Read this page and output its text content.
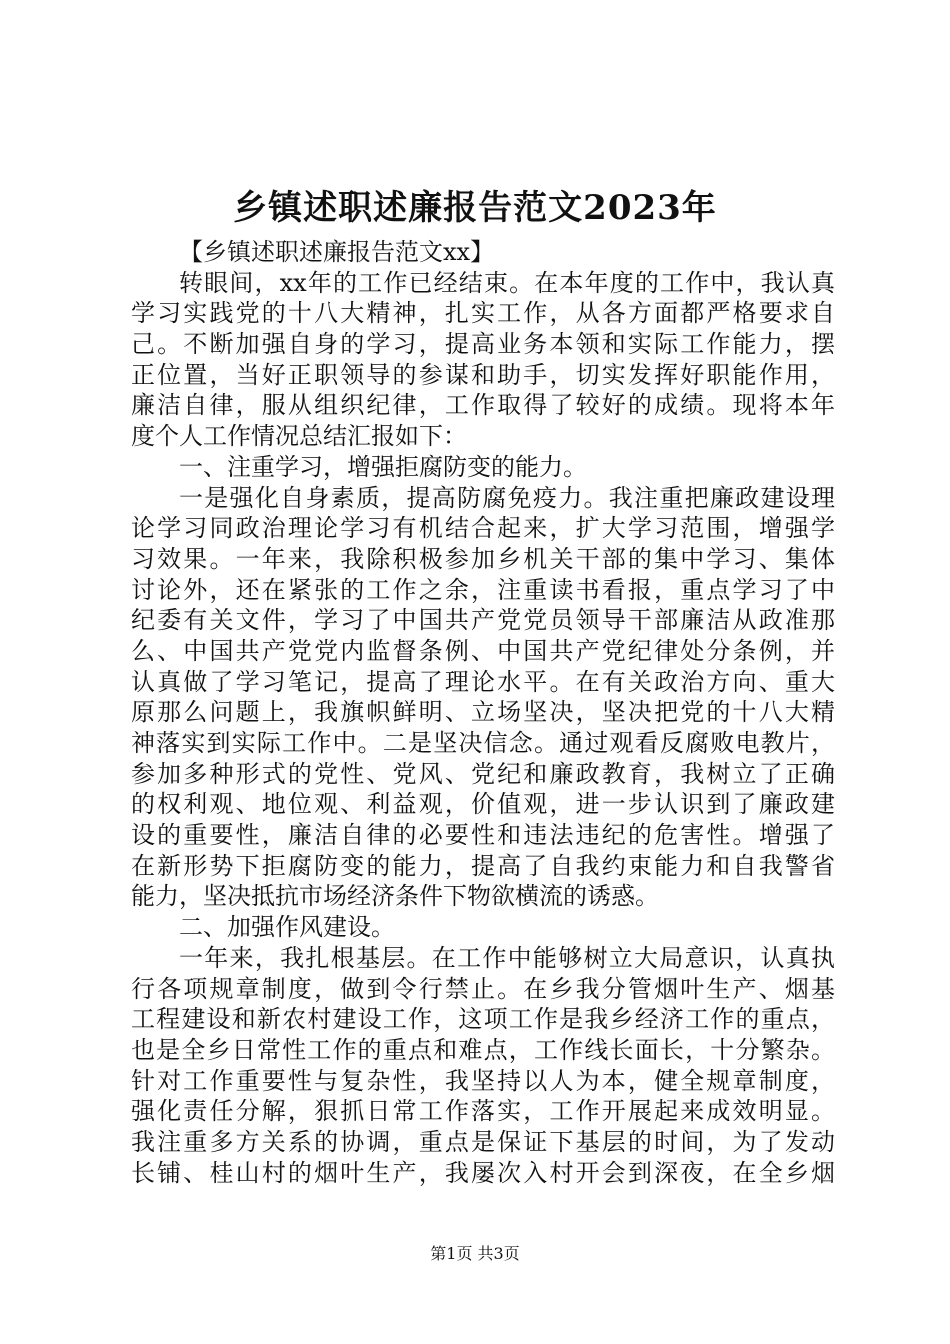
乡镇述职述廉报告范文2023年
【乡镇述职述廉报告范文xx】
转眼间，xx年的工作已经结束。在本年度的工作中，我认真
学习实践党的十八大精神，扎实工作，从各方面都严格要求自
己。不断加强自身的学习，提高业务本领和实际工作能力，摆
正位置，当好正职领导的参谋和助手，切实发挥好职能作用，
廉洁自律，服从组织纪律，工作取得了较好的成绩。现将本年
度个人工作情况总结汇报如下：
一、注重学习，增强拒腐防变的能力。
一是强化自身素质，提高防腐免疫力。我注重把廉政建设理
论学习同政治理论学习有机结合起来，扩大学习范围，增强学
习效果。一年来，我除积极参加乡机关干部的集中学习、集体
讨论外，还在紧张的工作之余，注重读书看报，重点学习了中
纪委有关文件，学习了中国共产党党员领导干部廉洁从政准那
么、中国共产党党内监督条例、中国共产党纪律处分条例，并
认真做了学习笔记，提高了理论水平。在有关政治方向、重大
原那么问题上，我旗帜鲜明、立场坚决，坚决把党的十八大精
神落实到实际工作中。二是坚决信念。通过观看反腐败电教片，
参加多种形式的党性、党风、党纪和廉政教育，我树立了正确
的权利观、地位观、利益观，价值观，进一步认识到了廉政建
设的重要性，廉洁自律的必要性和违法违纪的危害性。增强了
在新形势下拒腐防变的能力，提高了自我约束能力和自我警省
能力，坚决抵抗市场经济条件下物欲横流的诱惑。
二、加强作风建设。
一年来，我扎根基层。在工作中能够树立大局意识，认真执
行各项规章制度，做到令行禁止。在乡我分管烟叶生产、烟基
工程建设和新农村建设工作，这项工作是我乡经济工作的重点，
也是全乡日常性工作的重点和难点，工作线长面长，十分繁杂。
针对工作重要性与复杂性，我坚持以人为本，健全规章制度，
强化责任分解，狠抓日常工作落实，工作开展起来成效明显。
我注重多方关系的协调，重点是保证下基层的时间，为了发动
长铺、桂山村的烟叶生产，我屡次入村开会到深夜，在全乡烟
第1页 共3页
